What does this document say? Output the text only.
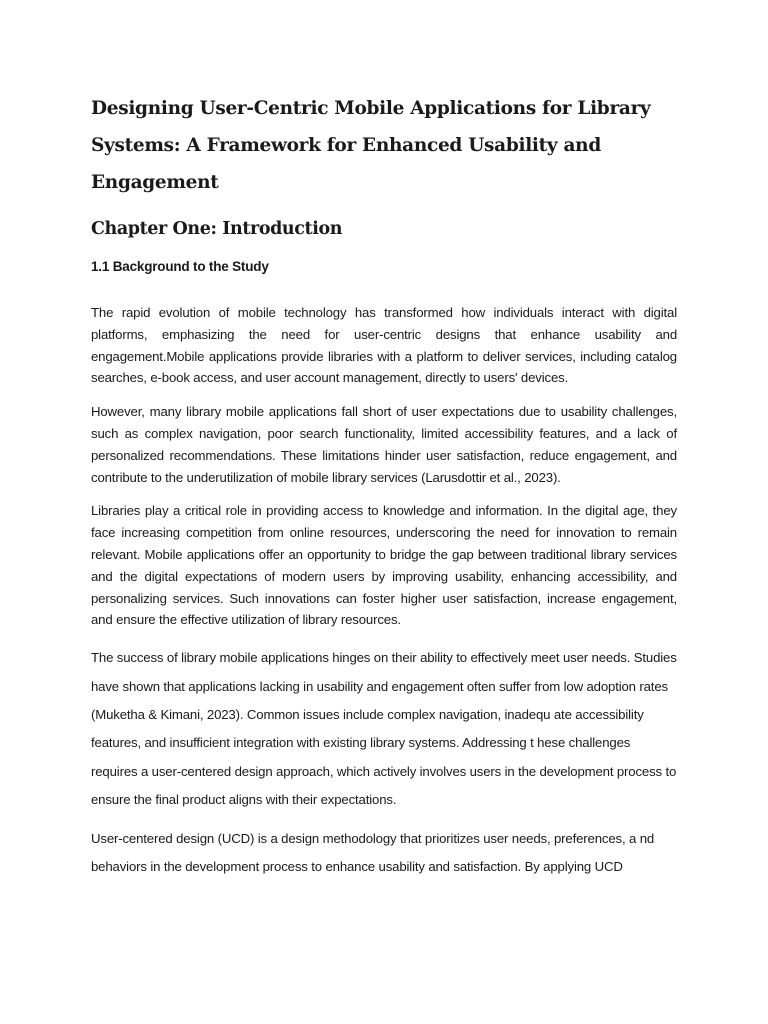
Designing User-Centric Mobile Applications for Library Systems: A Framework for Enhanced Usability and Engagement
Chapter One: Introduction
1.1 Background to the Study

The rapid evolution of mobile technology has transformed how individuals interact with digital platforms, emphasizing the need for user-centric designs that enhance usability and engagement.Mobile applications provide libraries with a platform to deliver services, including catalog searches, e-book access, and user account management, directly to users' devices.

However, many library mobile applications fall short of user expectations due to usability challenges, such as complex navigation, poor search functionality, limited accessibility features, and a lack of personalized recommendations. These limitations hinder user satisfaction, reduce engagement, and contribute to the underutilization of mobile library services (Larusdottir et al., 2023).

Libraries play a critical role in providing access to knowledge and information. In the digital age, they face increasing competition from online resources, underscoring the need for innovation to remain relevant. Mobile applications offer an opportunity to bridge the gap between traditional library services and the digital expectations of modern users by improving usability, enhancing accessibility, and personalizing services. Such innovations can foster higher user satisfaction, increase engagement, and ensure the effective utilization of library resources.

The success of library mobile applications hinges on their ability to effectively meet user needs. Studies have shown that applications lacking in usability and engagement often suffer from low adoption rates (Muketha & Kimani, 2023). Common issues include complex navigation, inadequ ate accessibility features, and insufficient integration with existing library systems. Addressing t hese challenges requires a user-centered design approach, which actively involves users in the development process to ensure the final product aligns with their expectations.

User-centered design (UCD) is a design methodology that prioritizes user needs, preferences, a nd behaviors in the development process to enhance usability and satisfaction. By applying UCD
